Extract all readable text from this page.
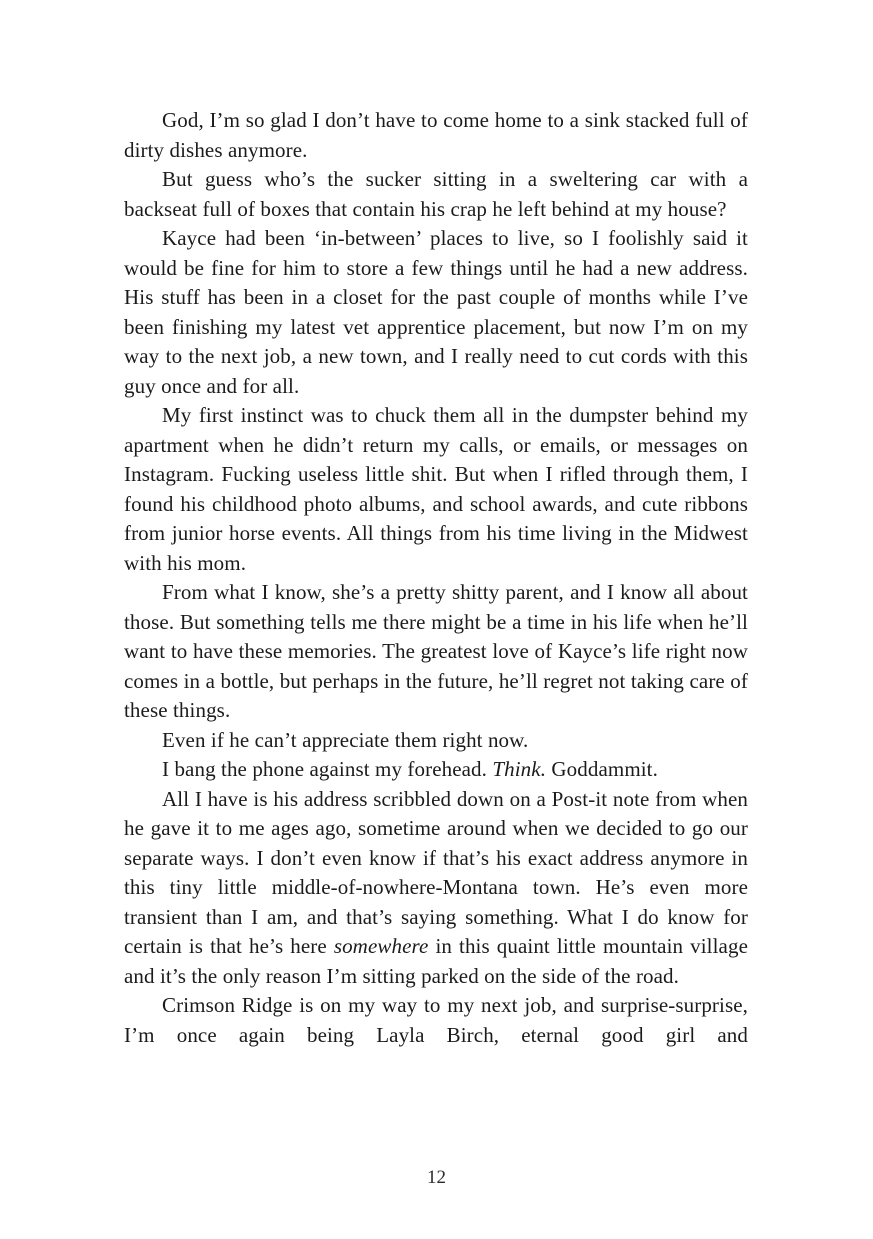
God, I’m so glad I don’t have to come home to a sink stacked full of dirty dishes anymore.

But guess who’s the sucker sitting in a sweltering car with a backseat full of boxes that contain his crap he left behind at my house?

Kayce had been ‘in-between’ places to live, so I foolishly said it would be fine for him to store a few things until he had a new address. His stuff has been in a closet for the past couple of months while I’ve been finishing my latest vet apprentice placement, but now I’m on my way to the next job, a new town, and I really need to cut cords with this guy once and for all.

My first instinct was to chuck them all in the dumpster behind my apartment when he didn’t return my calls, or emails, or messages on Instagram. Fucking useless little shit. But when I rifled through them, I found his childhood photo albums, and school awards, and cute ribbons from junior horse events. All things from his time living in the Midwest with his mom.

From what I know, she’s a pretty shitty parent, and I know all about those. But something tells me there might be a time in his life when he’ll want to have these memories. The greatest love of Kayce’s life right now comes in a bottle, but perhaps in the future, he’ll regret not taking care of these things.

Even if he can’t appreciate them right now.

I bang the phone against my forehead. Think. Goddammit.

All I have is his address scribbled down on a Post-it note from when he gave it to me ages ago, sometime around when we decided to go our separate ways. I don’t even know if that’s his exact address anymore in this tiny little middle-of-nowhere-Montana town. He’s even more transient than I am, and that’s saying something. What I do know for certain is that he’s here somewhere in this quaint little mountain village and it’s the only reason I’m sitting parked on the side of the road.

Crimson Ridge is on my way to my next job, and surprise-surprise, I’m once again being Layla Birch, eternal good girl and

12
